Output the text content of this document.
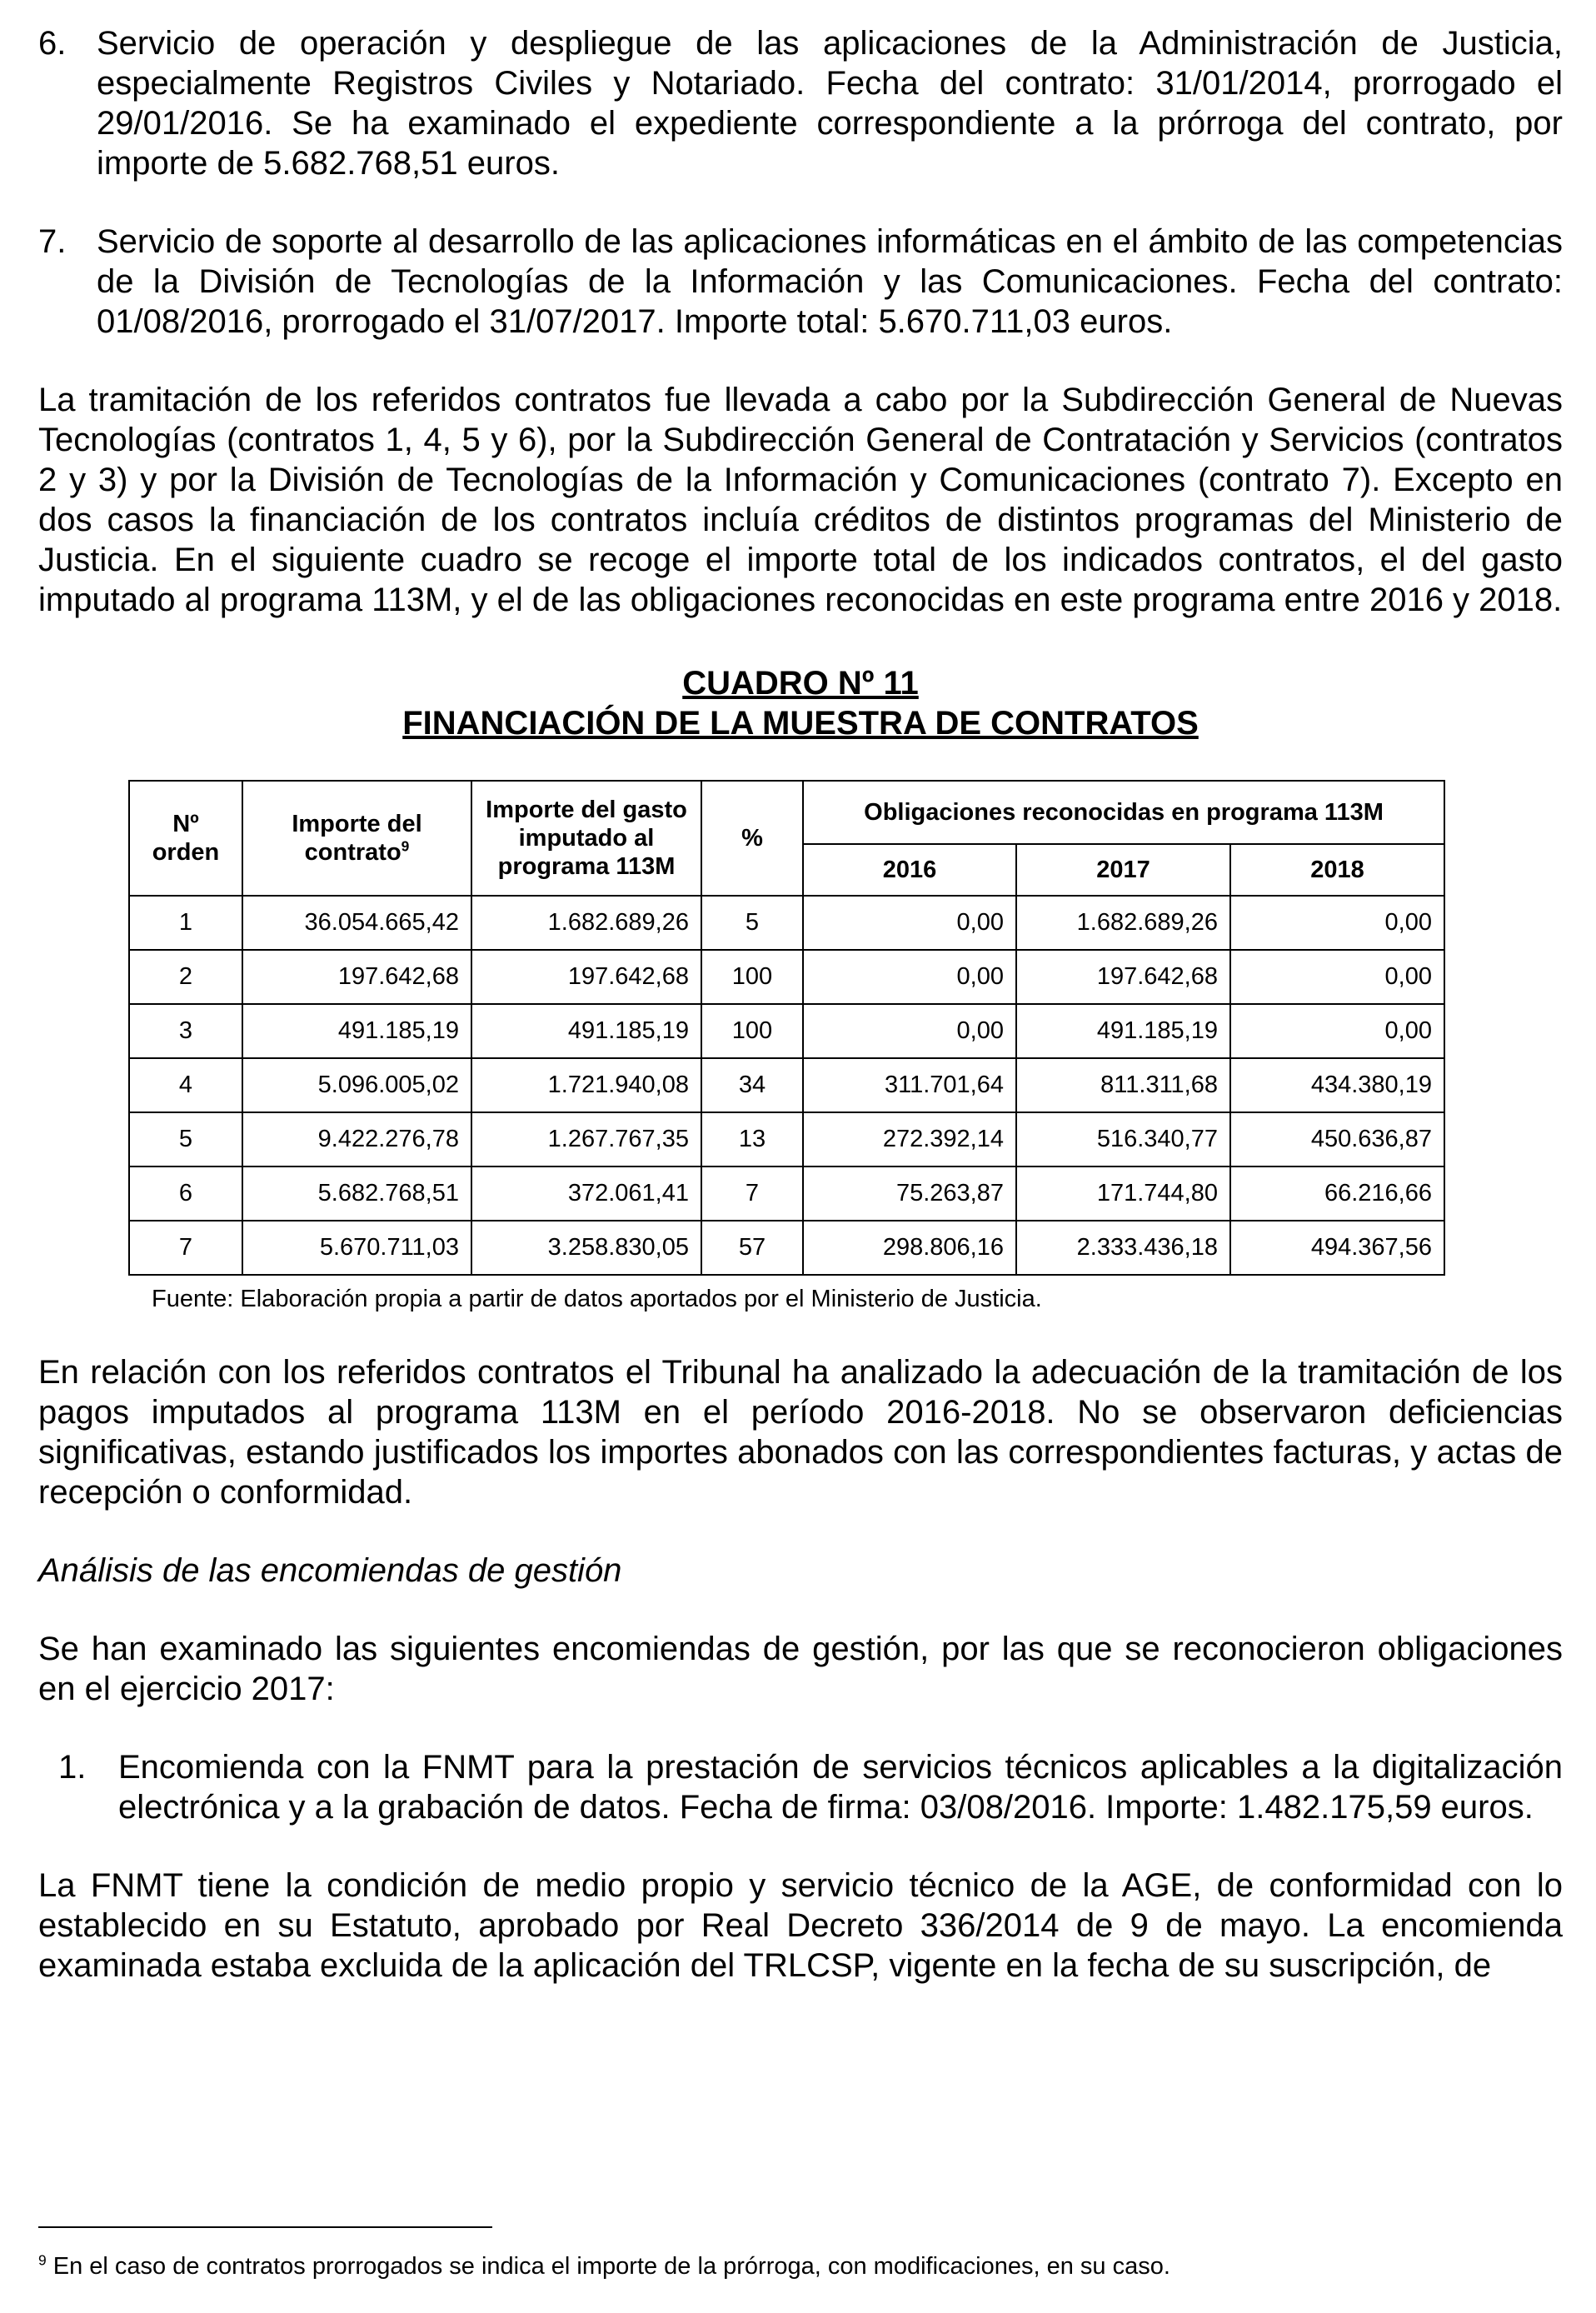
6. Servicio de operación y despliegue de las aplicaciones de la Administración de Justicia, especialmente Registros Civiles y Notariado. Fecha del contrato: 31/01/2014, prorrogado el 29/01/2016. Se ha examinado el expediente correspondiente a la prórroga del contrato, por importe de 5.682.768,51 euros.
7. Servicio de soporte al desarrollo de las aplicaciones informáticas en el ámbito de las competencias de la División de Tecnologías de la Información y las Comunicaciones. Fecha del contrato: 01/08/2016, prorrogado el 31/07/2017. Importe total: 5.670.711,03 euros.

La tramitación de los referidos contratos fue llevada a cabo por la Subdirección General de Nuevas Tecnologías (contratos 1, 4, 5 y 6), por la Subdirección General de Contratación y Servicios (contratos 2 y 3) y por la División de Tecnologías de la Información y Comunicaciones (contrato 7). Excepto en dos casos la financiación de los contratos incluía créditos de distintos programas del Ministerio de Justicia. En el siguiente cuadro se recoge el importe total de los indicados contratos, el del gasto imputado al programa 113M, y el de las obligaciones reconocidas en este programa entre 2016 y 2018.

CUADRO Nº 11
FINANCIACIÓN DE LA MUESTRA DE CONTRATOS
Nº orden	Importe del contrato$^9$	Importe del gasto imputado al programa 113M	%	Obligaciones reconocidas en programa 113M		
				2016	2017	2018
1	36.054.665,42	1.682.689,26	5	0,00	1.682.689,26	0,00
2	197.642,68	197.642,68	100	0,00	197.642,68	0,00
3	491.185,19	491.185,19	100	0,00	491.185,19	0,00
4	5.096.005,02	1.721.940,08	34	311.701,64	811.311,68	434.380,19
5	9.422.276,78	1.267.767,35	13	272.392,14	516.340,77	450.636,87
6	5.682.768,51	372.061,41	7	75.263,87	171.744,80	66.216,66
7	5.670.711,03	3.258.830,05	57	298.806,16	2.333.436,18	494.367,56
Fuente: Elaboración propia a partir de datos aportados por el Ministerio de Justicia.

En relación con los referidos contratos el Tribunal ha analizado la adecuación de la tramitación de los pagos imputados al programa 113M en el período 2016-2018. No se observaron deficiencias significativas, estando justificados los importes abonados con las correspondientes facturas, y actas de recepción o conformidad.

Análisis de las encomiendas de gestión

Se han examinado las siguientes encomiendas de gestión, por las que se reconocieron obligaciones en el ejercicio 2017:

1. Encomienda con la FNMT para la prestación de servicios técnicos aplicables a la digitalización electrónica y a la grabación de datos. Fecha de firma: 03/08/2016. Importe: 1.482.175,59 euros.

La FNMT tiene la condición de medio propio y servicio técnico de la AGE, de conformidad con lo establecido en su Estatuto, aprobado por Real Decreto 336/2014 de 9 de mayo. La encomienda examinada estaba excluida de la aplicación del TRLCSP, vigente en la fecha de su suscripción, de

$^9$ En el caso de contratos prorrogados se indica el importe de la prórroga, con modificaciones, en su caso.
